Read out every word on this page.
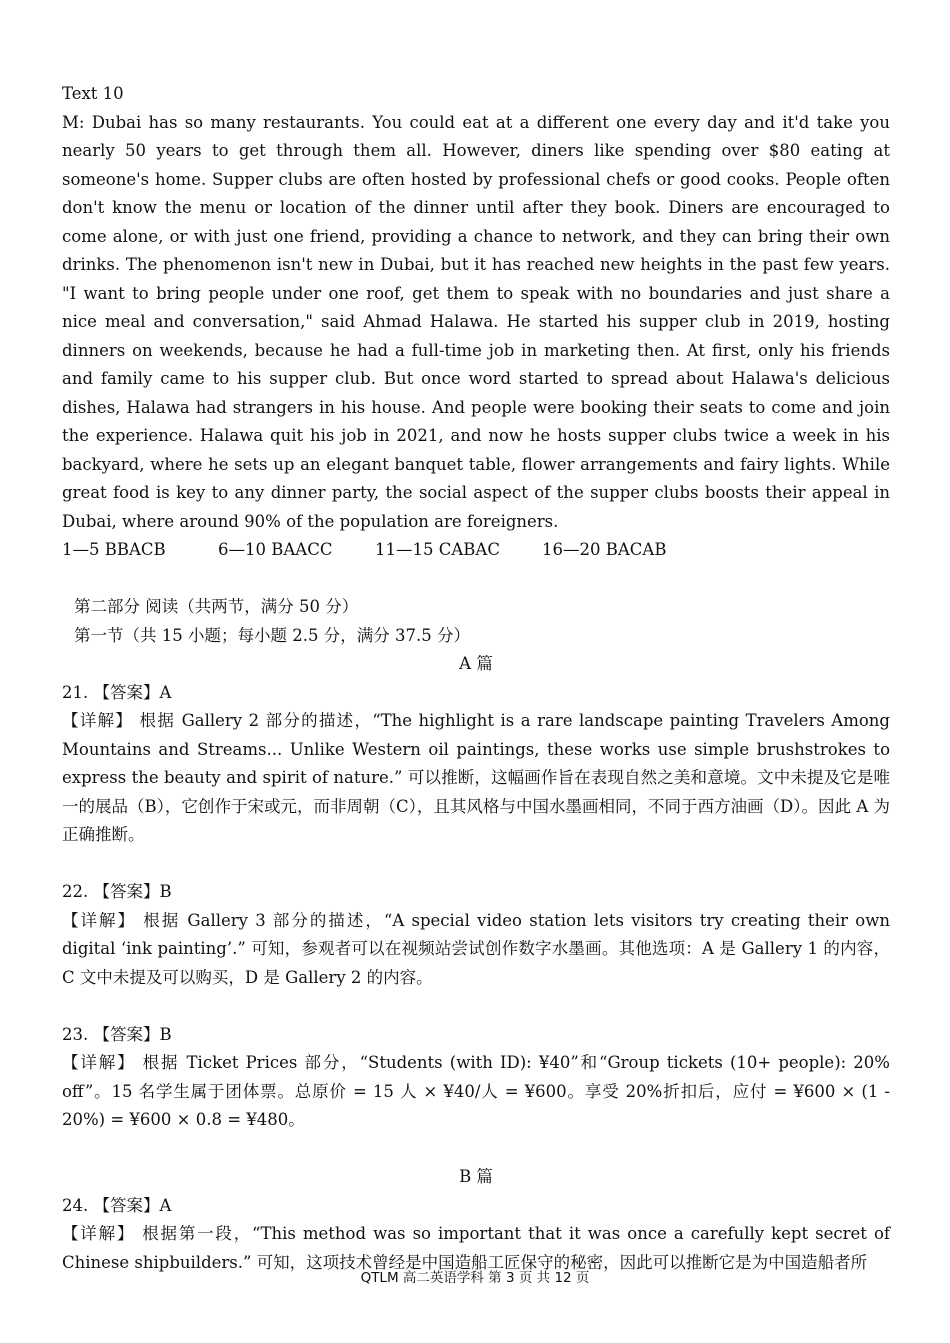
Text 10

M: Dubai has so many restaurants. You could eat at a different one every day and it'd take you nearly 50 years to get through them all. However, diners like spending over $80 eating at someone's home. Supper clubs are often hosted by professional chefs or good cooks. People often don't know the menu or location of the dinner until after they book. Diners are encouraged to come alone, or with just one friend, providing a chance to network, and they can bring their own drinks. The phenomenon isn't new in Dubai, but it has reached new heights in the past few years. "I want to bring people under one roof, get them to speak with no boundaries and just share a nice meal and conversation," said Ahmad Halawa. He started his supper club in 2019, hosting dinners on weekends, because he had a full-time job in marketing then. At first, only his friends and family came to his supper club. But once word started to spread about Halawa's delicious dishes, Halawa had strangers in his house. And people were booking their seats to come and join the experience. Halawa quit his job in 2021, and now he hosts supper clubs twice a week in his backyard, where he sets up an elegant banquet table, flower arrangements and fairy lights. While great food is key to any dinner party, the social aspect of the supper clubs boosts their appeal in Dubai, where around 90% of the population are foreigners.

1—5 BBACB	6—10 BAACC	11—15 CABAC	16—20 BACAB
第二部分 阅读（共两节，满分 50 分）
第一节（共 15 小题；每小题 2.5 分，满分 37.5 分）
A 篇
21. 【答案】A

【详解】 根据 Gallery 2 部分的描述，“The highlight is a rare landscape painting Travelers Among Mountains and Streams... Unlike Western oil paintings, these works use simple brushstrokes to express the beauty and spirit of nature.” 可以推断，这幅画作旨在表现自然之美和意境。文中未提及它是唯一的展品（B），它创作于宋或元，而非周朝（C），且其风格与中国水墨画相同，不同于西方油画（D）。因此 A 为正确推断。

22. 【答案】B

【详解】 根据 Gallery 3 部分的描述，“A special video station lets visitors try creating their own digital ‘ink painting’.” 可知，参观者可以在视频站尝试创作数字水墨画。其他选项：A 是 Gallery 1 的内容，C 文中未提及可以购买，D 是 Gallery 2 的内容。

23. 【答案】B

【详解】 根据 Ticket Prices 部分，“Students (with ID): ¥40”和“Group tickets (10+ people): 20% off”。15 名学生属于团体票。总原价 = 15 人 × ¥40/人 = ¥600。享受 20%折扣后，应付 = ¥600 × (1 - 20%) = ¥600 × 0.8 = ¥480。

B 篇
24. 【答案】A

【详解】 根据第一段，“This method was so important that it was once a carefully kept secret of Chinese shipbuilders.” 可知，这项技术曾经是中国造船工匠保守的秘密，因此可以推断它是为中国造船者所

QTLM 高二英语学科 第 3 页 共 12 页
